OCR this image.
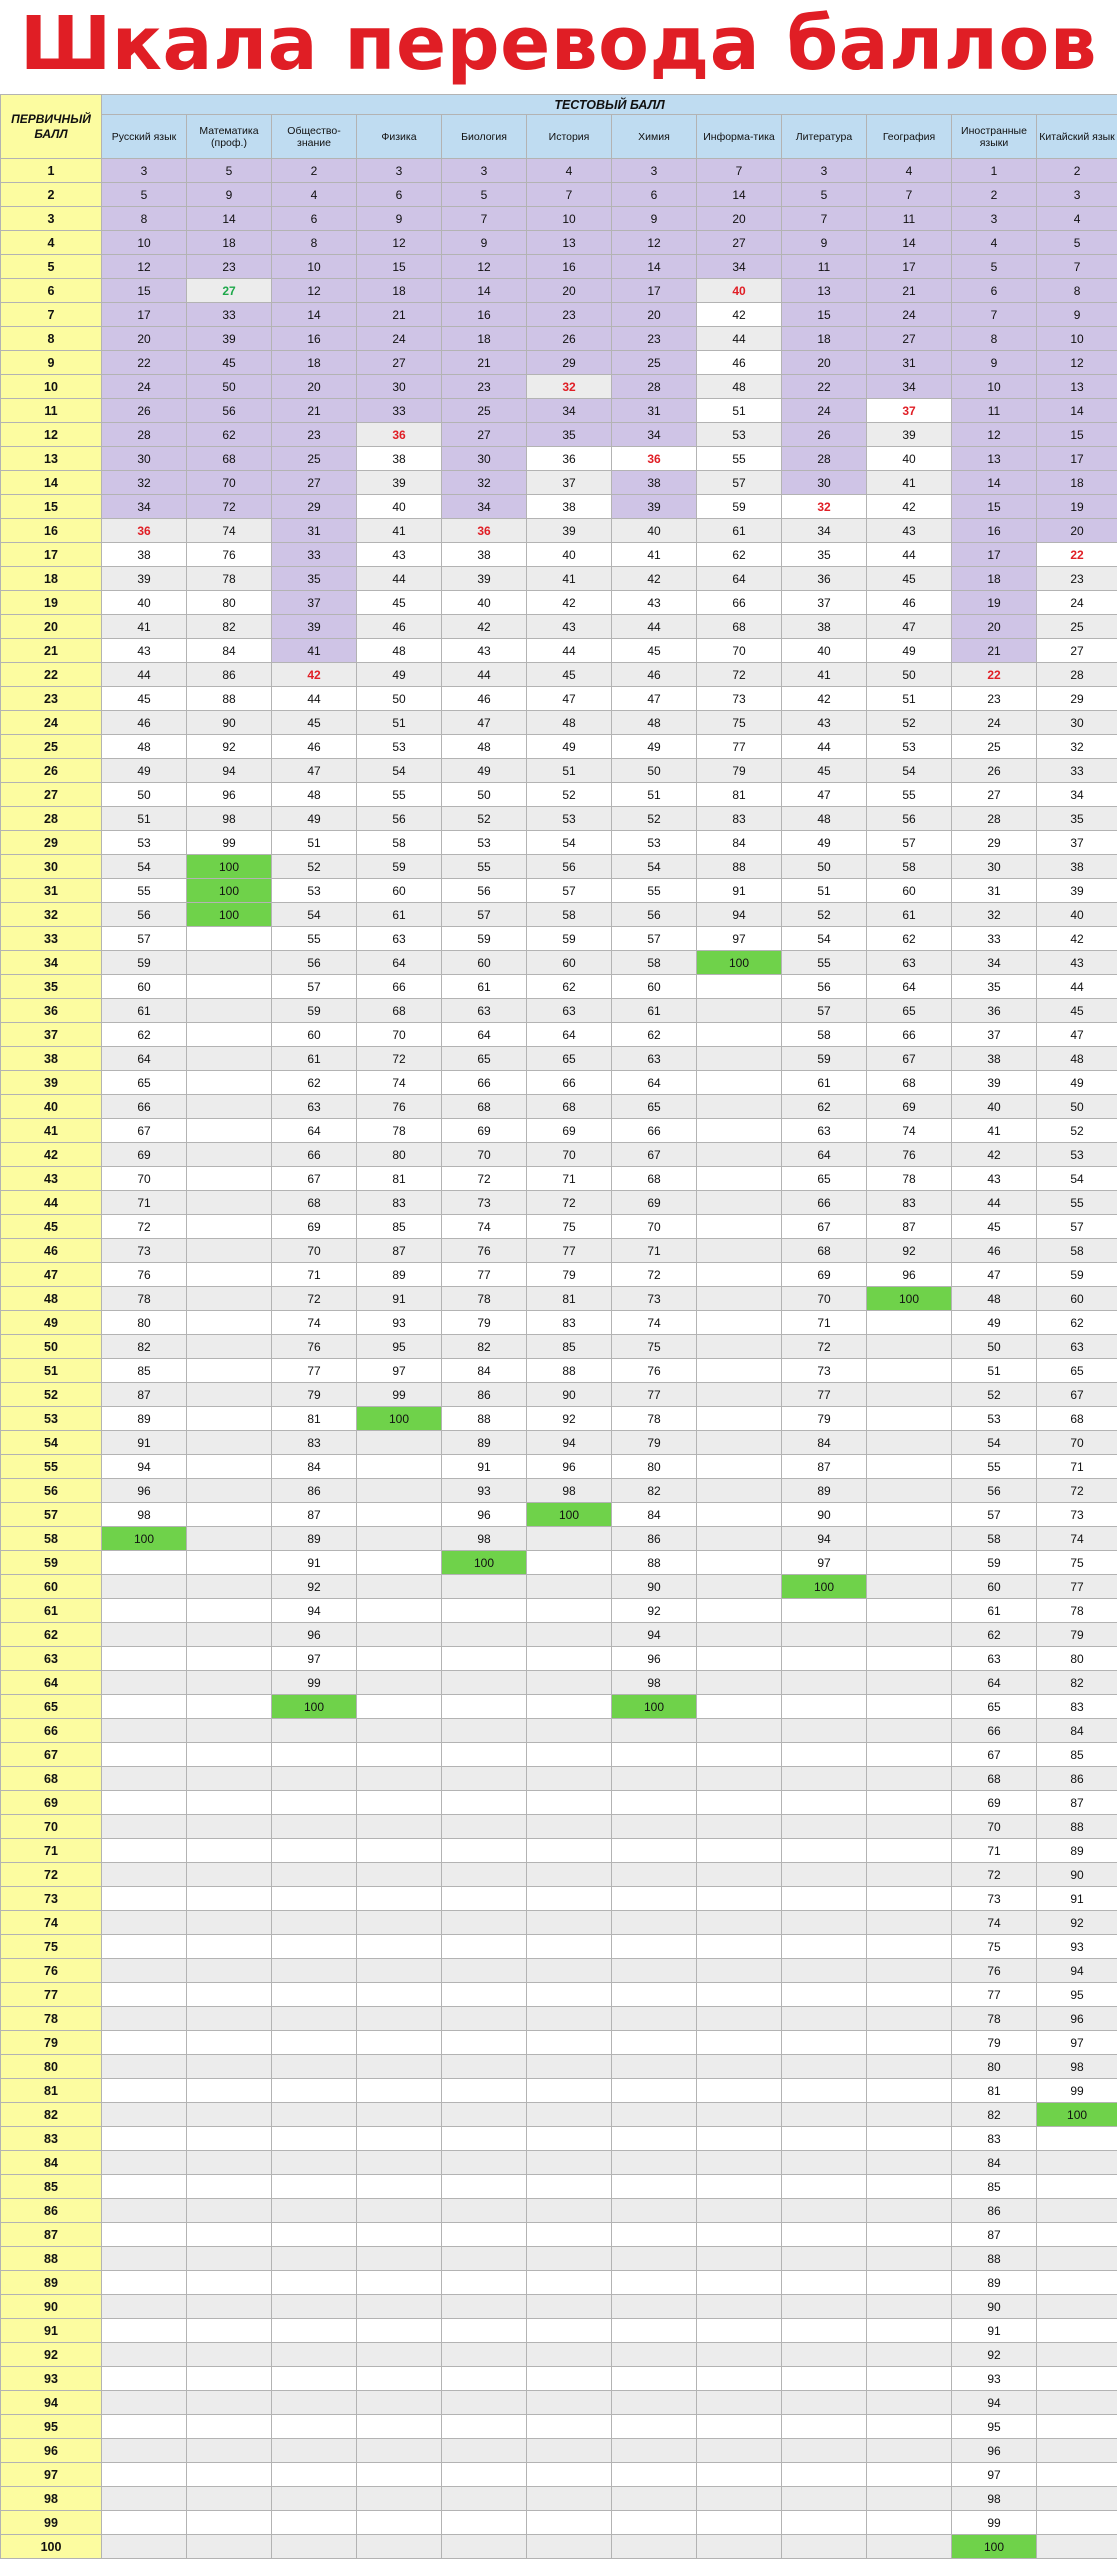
Шкала перевода баллов
ПЕРВИЧНЫЙ БАЛЛ	ТЕСТОВЫЙ БАЛЛ											
	Русский язык	Математика (проф.)	Общество-знание	Физика	Биология	История	Химия	Информа-тика	Литература	География	Иностранные языки	Китайский язык
1	3	5	2	3	3	4	3	7	3	4	1	2
2	5	9	4	6	5	7	6	14	5	7	2	3
3	8	14	6	9	7	10	9	20	7	11	3	4
4	10	18	8	12	9	13	12	27	9	14	4	5
5	12	23	10	15	12	16	14	34	11	17	5	7
6	15	27	12	18	14	20	17	40	13	21	6	8
7	17	33	14	21	16	23	20	42	15	24	7	9
8	20	39	16	24	18	26	23	44	18	27	8	10
9	22	45	18	27	21	29	25	46	20	31	9	12
10	24	50	20	30	23	32	28	48	22	34	10	13
11	26	56	21	33	25	34	31	51	24	37	11	14
12	28	62	23	36	27	35	34	53	26	39	12	15
13	30	68	25	38	30	36	36	55	28	40	13	17
14	32	70	27	39	32	37	38	57	30	41	14	18
15	34	72	29	40	34	38	39	59	32	42	15	19
16	36	74	31	41	36	39	40	61	34	43	16	20
17	38	76	33	43	38	40	41	62	35	44	17	22
18	39	78	35	44	39	41	42	64	36	45	18	23
19	40	80	37	45	40	42	43	66	37	46	19	24
20	41	82	39	46	42	43	44	68	38	47	20	25
21	43	84	41	48	43	44	45	70	40	49	21	27
22	44	86	42	49	44	45	46	72	41	50	22	28
23	45	88	44	50	46	47	47	73	42	51	23	29
24	46	90	45	51	47	48	48	75	43	52	24	30
25	48	92	46	53	48	49	49	77	44	53	25	32
26	49	94	47	54	49	51	50	79	45	54	26	33
27	50	96	48	55	50	52	51	81	47	55	27	34
28	51	98	49	56	52	53	52	83	48	56	28	35
29	53	99	51	58	53	54	53	84	49	57	29	37
30	54	100	52	59	55	56	54	88	50	58	30	38
31	55	100	53	60	56	57	55	91	51	60	31	39
32	56	100	54	61	57	58	56	94	52	61	32	40
33	57		55	63	59	59	57	97	54	62	33	42
34	59		56	64	60	60	58	100	55	63	34	43
35	60		57	66	61	62	60		56	64	35	44
36	61		59	68	63	63	61		57	65	36	45
37	62		60	70	64	64	62		58	66	37	47
38	64		61	72	65	65	63		59	67	38	48
39	65		62	74	66	66	64		61	68	39	49
40	66		63	76	68	68	65		62	69	40	50
41	67		64	78	69	69	66		63	74	41	52
42	69		66	80	70	70	67		64	76	42	53
43	70		67	81	72	71	68		65	78	43	54
44	71		68	83	73	72	69		66	83	44	55
45	72		69	85	74	75	70		67	87	45	57
46	73		70	87	76	77	71		68	92	46	58
47	76		71	89	77	79	72		69	96	47	59
48	78		72	91	78	81	73		70	100	48	60
49	80		74	93	79	83	74		71		49	62
50	82		76	95	82	85	75		72		50	63
51	85		77	97	84	88	76		73		51	65
52	87		79	99	86	90	77		77		52	67
53	89		81	100	88	92	78		79		53	68
54	91		83		89	94	79		84		54	70
55	94		84		91	96	80		87		55	71
56	96		86		93	98	82		89		56	72
57	98		87		96	100	84		90		57	73
58	100		89		98		86		94		58	74
59			91		100		88		97		59	75
60			92				90		100		60	77
61			94				92				61	78
62			96				94				62	79
63			97				96				63	80
64			99				98				64	82
65			100				100				65	83
66											66	84
67											67	85
68											68	86
69											69	87
70											70	88
71											71	89
72											72	90
73											73	91
74											74	92
75											75	93
76											76	94
77											77	95
78											78	96
79											79	97
80											80	98
81											81	99
82											82	100
83											83	
84											84	
85											85	
86											86	
87											87	
88											88	
89											89	
90											90	
91											91	
92											92	
93											93	
94											94	
95											95	
96											96	
97											97	
98											98	
99											99	
100											100	
